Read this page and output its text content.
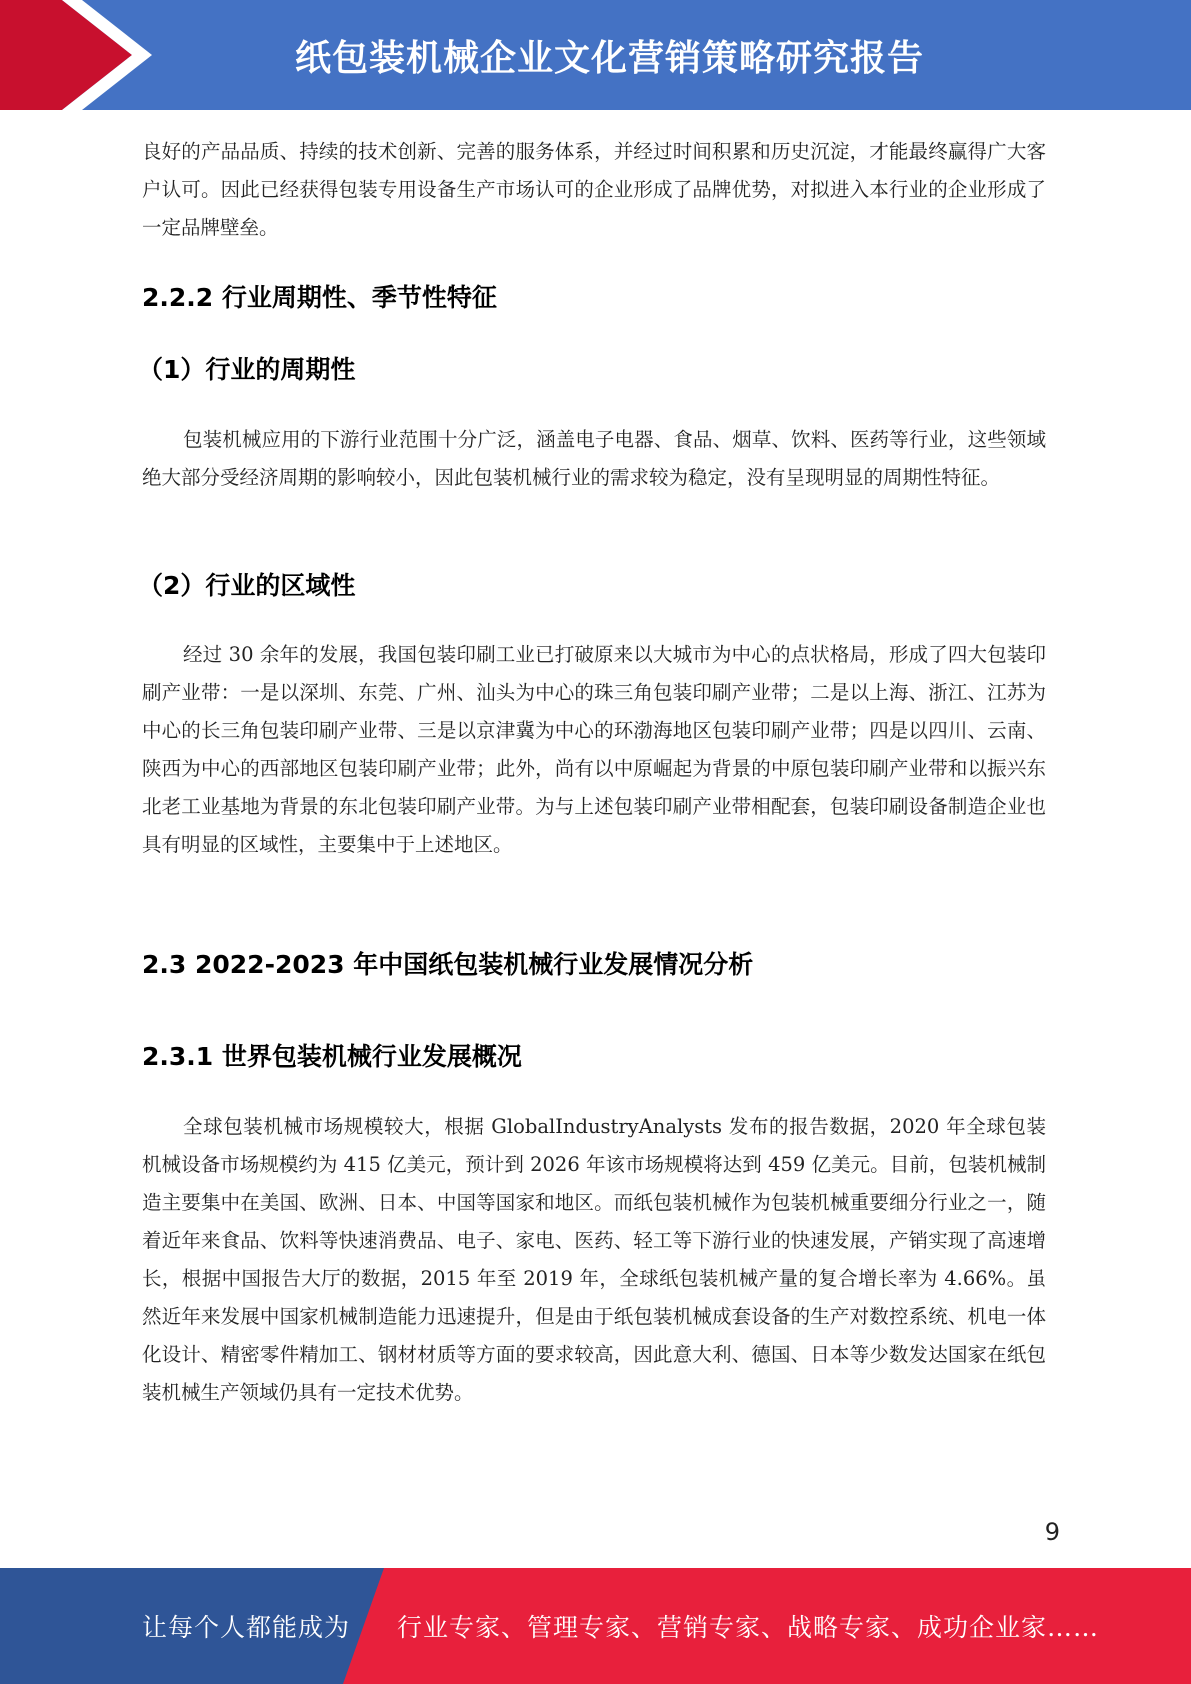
纸包装机械企业文化营销策略研究报告

良好的产品品质、持续的技术创新、完善的服务体系，并经过时间积累和历史沉淀，才能最终赢得广大客户认可。因此已经获得包装专用设备生产市场认可的企业形成了品牌优势，对拟进入本行业的企业形成了一定品牌壁垒。

2.2.2 行业周期性、季节性特征
（1）行业的周期性

包装机械应用的下游行业范围十分广泛，涵盖电子电器、食品、烟草、饮料、医药等行业，这些领域绝大部分受经济周期的影响较小，因此包装机械行业的需求较为稳定，没有呈现明显的周期性特征。

（2）行业的区域性

经过 30 余年的发展，我国包装印刷工业已打破原来以大城市为中心的点状格局，形成了四大包装印刷产业带：一是以深圳、东莞、广州、汕头为中心的珠三角包装印刷产业带；二是以上海、浙江、江苏为中心的长三角包装印刷产业带、三是以京津冀为中心的环渤海地区包装印刷产业带；四是以四川、云南、陕西为中心的西部地区包装印刷产业带；此外，尚有以中原崛起为背景的中原包装印刷产业带和以振兴东北老工业基地为背景的东北包装印刷产业带。为与上述包装印刷产业带相配套，包装印刷设备制造企业也具有明显的区域性，主要集中于上述地区。

2.3 2022-2023 年中国纸包装机械行业发展情况分析
2.3.1 世界包装机械行业发展概况

全球包装机械市场规模较大，根据 GlobalIndustryAnalysts 发布的报告数据，2020 年全球包装机械设备市场规模约为 415 亿美元，预计到 2026 年该市场规模将达到 459 亿美元。目前，包装机械制造主要集中在美国、欧洲、日本、中国等国家和地区。而纸包装机械作为包装机械重要细分行业之一，随着近年来食品、饮料等快速消费品、电子、家电、医药、轻工等下游行业的快速发展，产销实现了高速增长，根据中国报告大厅的数据，2015 年至 2019 年，全球纸包装机械产量的复合增长率为 4.66%。虽然近年来发展中国家机械制造能力迅速提升，但是由于纸包装机械成套设备的生产对数控系统、机电一体化设计、精密零件精加工、钢材材质等方面的要求较高，因此意大利、德国、日本等少数发达国家在纸包装机械生产领域仍具有一定技术优势。

9
让每个人都能成为 行业专家、管理专家、营销专家、战略专家、成功企业家……
